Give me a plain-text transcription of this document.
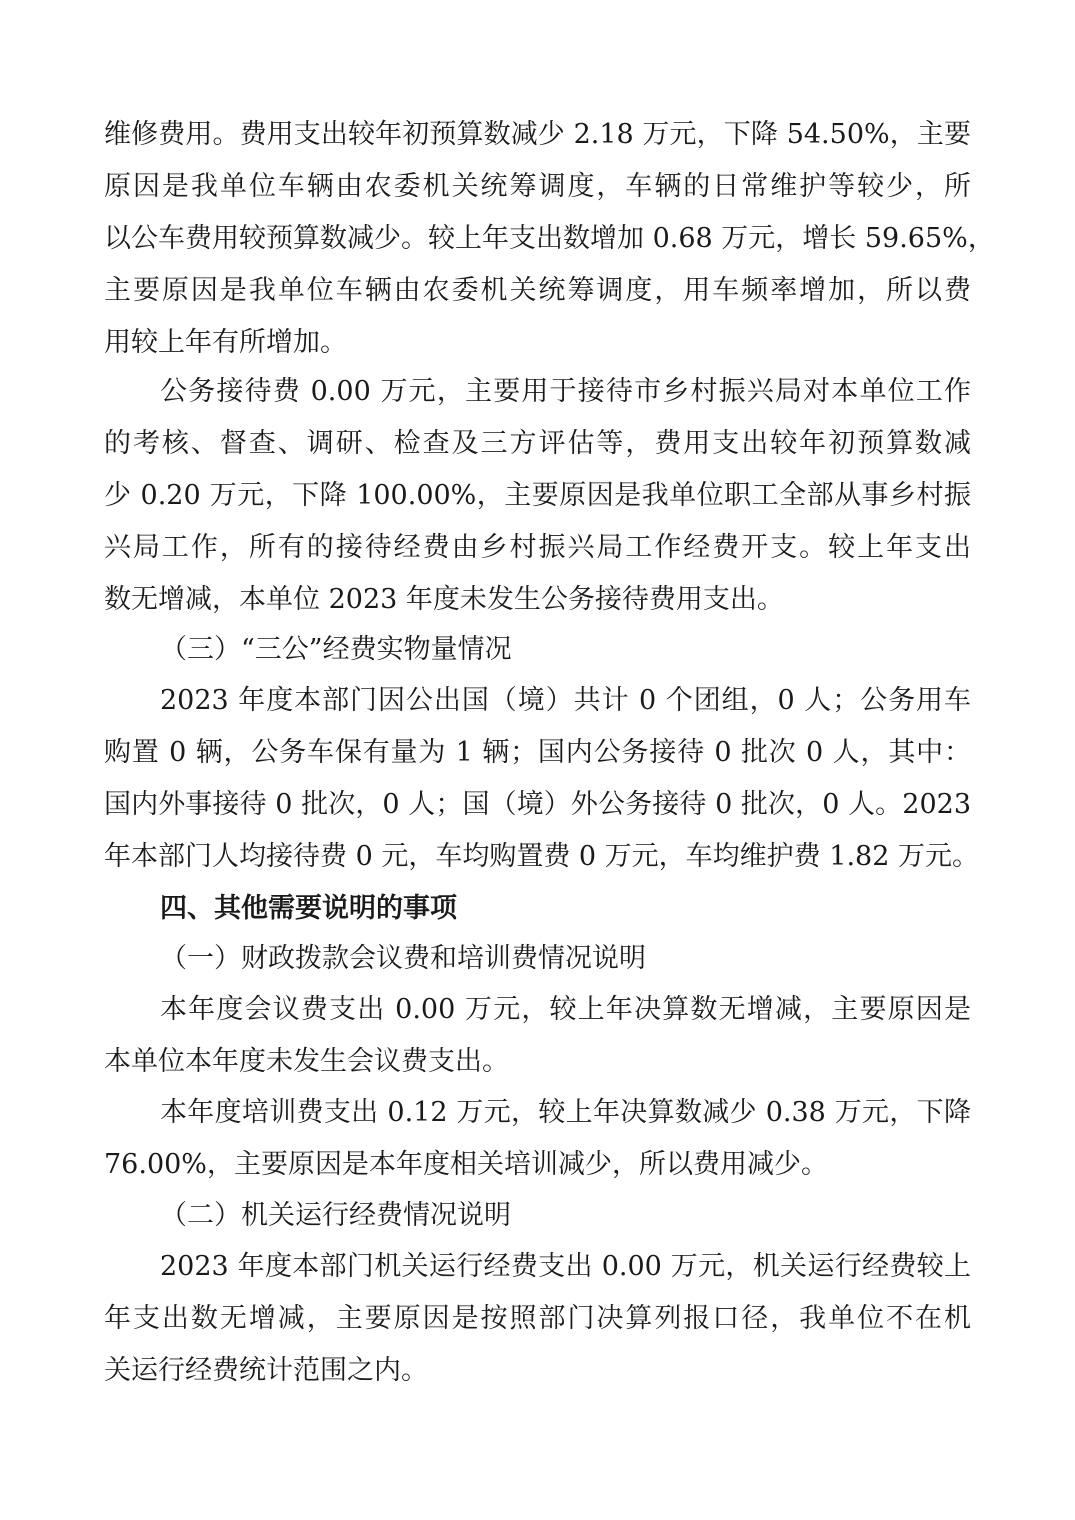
维修费用。费用支出较年初预算数减少 2.18 万元，下降 54.50%，主要
原因是我单位车辆由农委机关统筹调度，车辆的日常维护等较少，所
以公车费用较预算数减少。较上年支出数增加 0.68 万元，增长 59.65%，
主要原因是我单位车辆由农委机关统筹调度，用车频率增加，所以费
用较上年有所增加。
公务接待费 0.00 万元，主要用于接待市乡村振兴局对本单位工作
的考核、督查、调研、检查及三方评估等，费用支出较年初预算数减
少 0.20 万元，下降 100.00%，主要原因是我单位职工全部从事乡村振
兴局工作，所有的接待经费由乡村振兴局工作经费开支。较上年支出
数无增减，本单位 2023 年度未发生公务接待费用支出。
（三）“三公”经费实物量情况
2023 年度本部门因公出国（境）共计 0 个团组，0 人；公务用车
购置 0 辆，公务车保有量为 1 辆；国内公务接待 0 批次 0 人，其中：
国内外事接待 0 批次，0 人；国（境）外公务接待 0 批次，0 人。2023
年本部门人均接待费 0 元，车均购置费 0 万元，车均维护费 1.82 万元。
四、其他需要说明的事项
（一）财政拨款会议费和培训费情况说明
本年度会议费支出 0.00 万元，较上年决算数无增减，主要原因是
本单位本年度未发生会议费支出。
本年度培训费支出 0.12 万元，较上年决算数减少 0.38 万元，下降
76.00%，主要原因是本年度相关培训减少，所以费用减少。
（二）机关运行经费情况说明
2023 年度本部门机关运行经费支出 0.00 万元，机关运行经费较上
年支出数无增减，主要原因是按照部门决算列报口径，我单位不在机
关运行经费统计范围之内。
